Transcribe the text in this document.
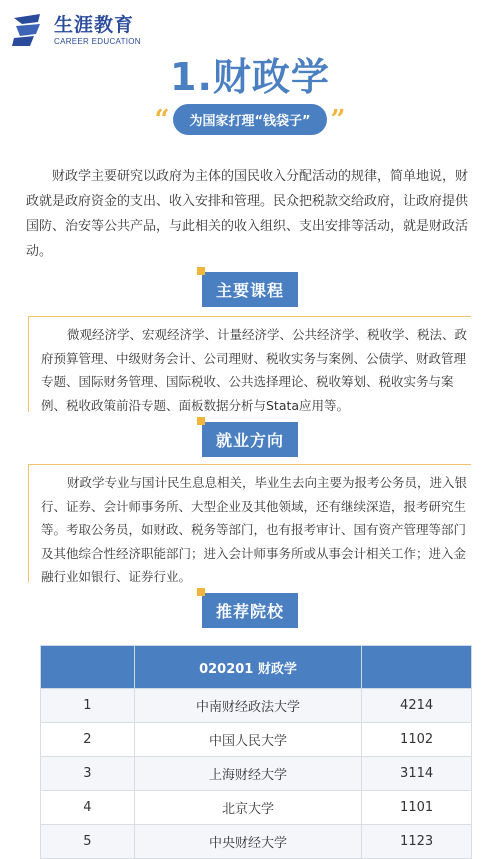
生涯教育
CAREER EDUCATION
1.财政学
“	为国家打理“钱袋子” ”

财政学主要研究以政府为主体的国民收入分配活动的规律，简单地说，财政就是政府资金的支出、收入安排和管理。民众把税款交给政府，让政府提供国防、治安等公共产品，与此相关的收入组织、支出安排等活动，就是财政活动。

主要课程

微观经济学、宏观经济学、计量经济学、公共经济学、税收学、税法、政府预算管理、中级财务会计、公司理财、税收实务与案例、公债学、财政管理专题、国际财务管理、国际税收、公共选择理论、税收筹划、税收实务与案例、税收政策前沿专题、面板数据分析与Stata应用等。

就业方向

财政学专业与国计民生息息相关，毕业生去向主要为报考公务员，进入银行、证券、会计师事务所、大型企业及其他领域，还有继续深造，报考研究生等。考取公务员，如财政、税务等部门，也有报考审计、国有资产管理等部门及其他综合性经济职能部门；进入会计师事务所或从事会计相关工作；进入金融行业如银行、证券行业。

推荐院校
	020201 财政学	
1	中南财经政法大学	4214
2	中国人民大学	1102
3	上海财经大学	3114
4	北京大学	1101
5	中央财经大学	1123
